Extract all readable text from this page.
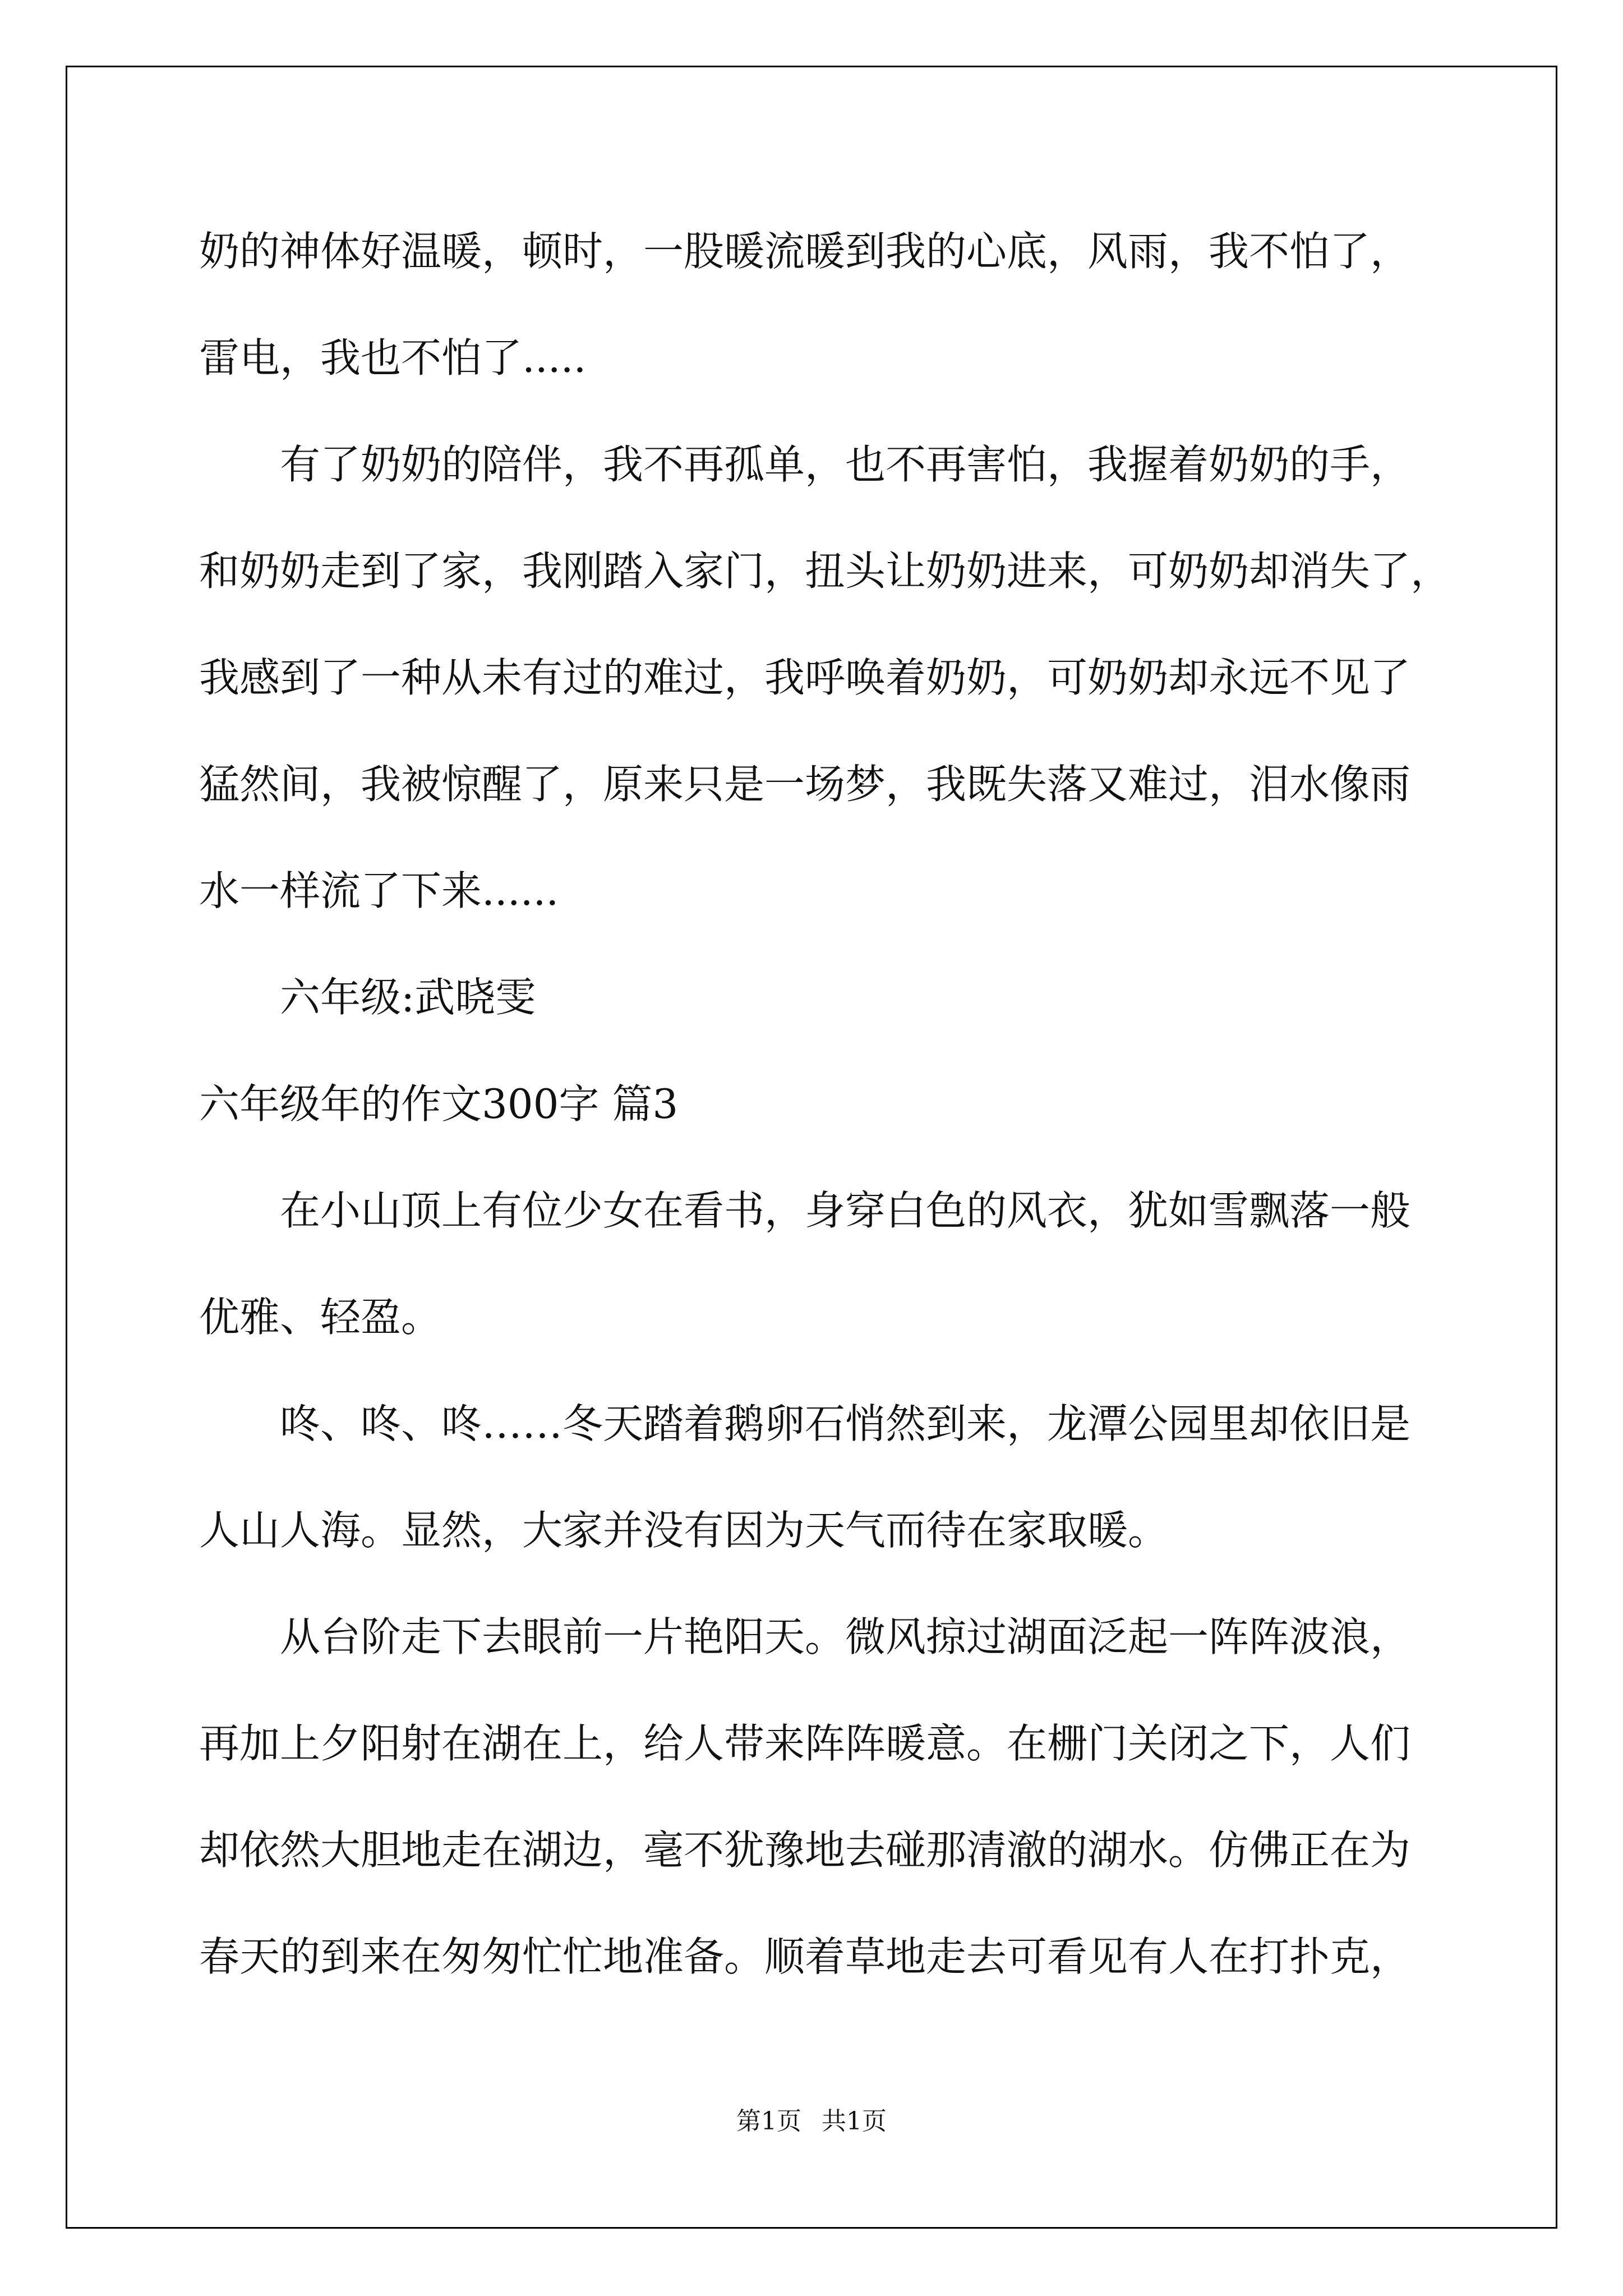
奶的神体好温暖，顿时，一股暖流暖到我的心底，风雨，我不怕了，
雷电，我也不怕了.....
有了奶奶的陪伴，我不再孤单，也不再害怕，我握着奶奶的手，
和奶奶走到了家，我刚踏入家门，扭头让奶奶进来，可奶奶却消失了，
我感到了一种从未有过的难过，我呼唤着奶奶，可奶奶却永远不见了
猛然间，我被惊醒了，原来只是一场梦，我既失落又难过，泪水像雨
水一样流了下来......
六年级:武晓雯
六年级年的作文300字 篇3
在小山顶上有位少女在看书，身穿白色的风衣，犹如雪飘落一般
优雅、轻盈。
咚、咚、咚……冬天踏着鹅卵石悄然到来，龙潭公园里却依旧是
人山人海。显然，大家并没有因为天气而待在家取暖。
从台阶走下去眼前一片艳阳天。微风掠过湖面泛起一阵阵波浪，
再加上夕阳射在湖在上，给人带来阵阵暖意。在栅门关闭之下，人们
却依然大胆地走在湖边，毫不犹豫地去碰那清澈的湖水。仿佛正在为
春天的到来在匆匆忙忙地准备。顺着草地走去可看见有人在打扑克，
第1页 共1页
